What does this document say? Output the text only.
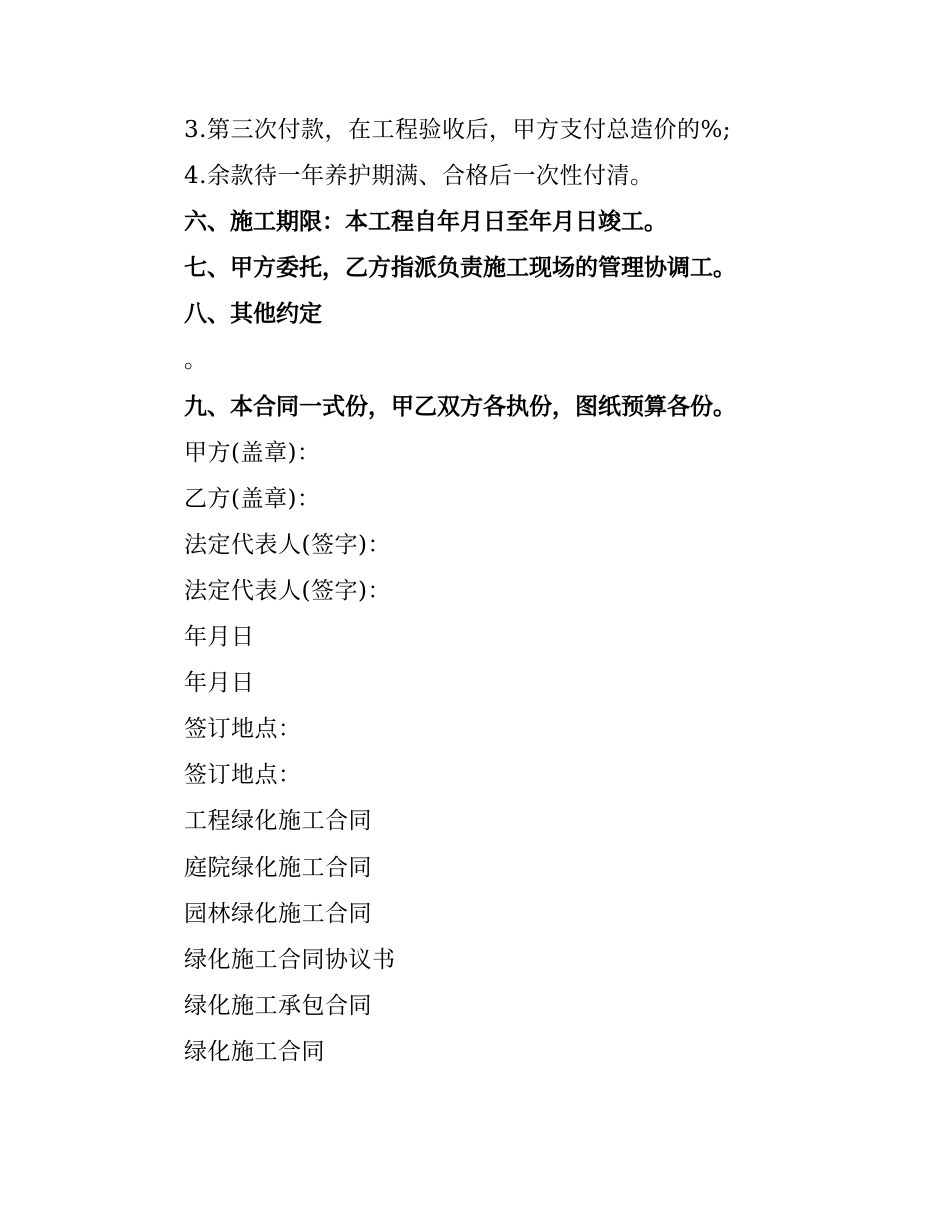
3.第三次付款，在工程验收后，甲方支付总造价的%;
4.余款待一年养护期满、合格后一次性付清。
六、施工期限：本工程自年月日至年月日竣工。
七、甲方委托，乙方指派负责施工现场的管理协调工。
八、其他约定
。
九、本合同一式份，甲乙双方各执份，图纸预算各份。
甲方(盖章)：
乙方(盖章)：
法定代表人(签字)：
法定代表人(签字)：
年月日
年月日
签订地点：
签订地点：
工程绿化施工合同
庭院绿化施工合同
园林绿化施工合同
绿化施工合同协议书
绿化施工承包合同
绿化施工合同
